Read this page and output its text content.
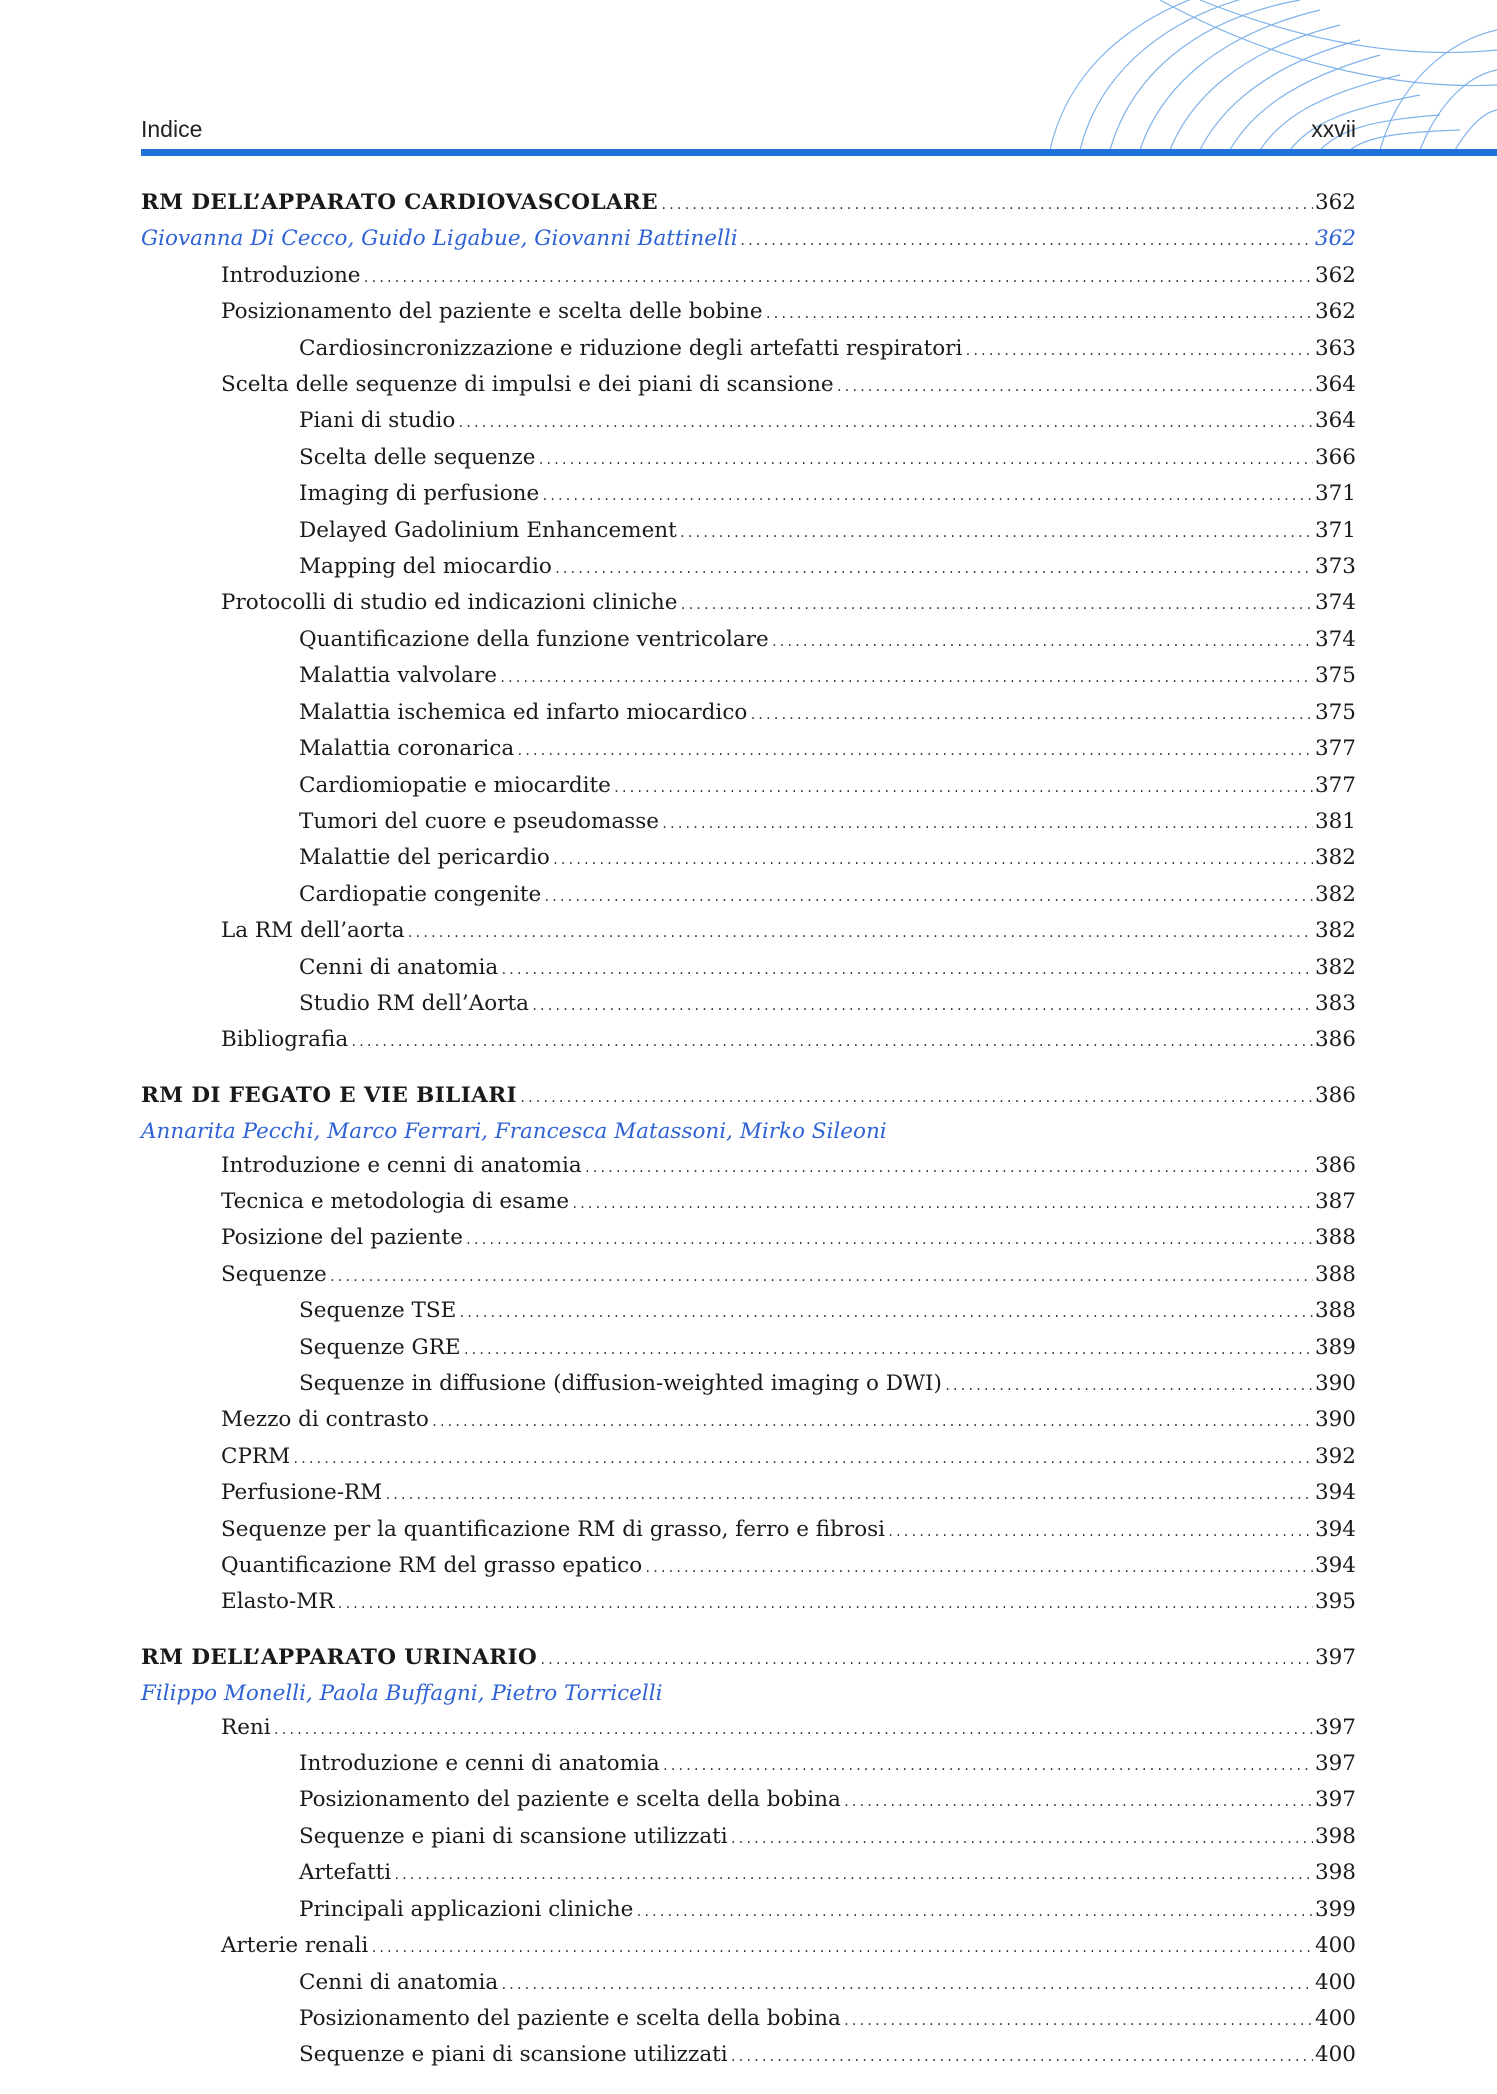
Indice	xxvii
RM DELL’APPARATO CARDIOVASCOLARE .....	362
Giovanna Di Cecco, Guido Ligabue, Giovanni Battinelli .....	362
Introduzione .....	362
Posizionamento del paziente e scelta delle bobine .....	362
Cardiosincronizzazione e riduzione degli artefatti respiratori .....	363
Scelta delle sequenze di impulsi e dei piani di scansione .....	364
Piani di studio .....	364
Scelta delle sequenze .....	366
Imaging di perfusione .....	371
Delayed Gadolinium Enhancement .....	371
Mapping del miocardio .....	373
Protocolli di studio ed indicazioni cliniche .....	374
Quantificazione della funzione ventricolare .....	374
Malattia valvolare .....	375
Malattia ischemica ed infarto miocardico .....	375
Malattia coronarica .....	377
Cardiomiopatie e miocardite .....	377
Tumori del cuore e pseudomasse .....	381
Malattie del pericardio .....	382
Cardiopatie congenite .....	382
La RM dell’aorta .....	382
Cenni di anatomia .....	382
Studio RM dell’Aorta .....	383
Bibliografia .....	386
RM DI FEGATO E VIE BILIARI .....	386
Annarita Pecchi, Marco Ferrari, Francesca Matassoni, Mirko Sileoni
Introduzione e cenni di anatomia .....	386
Tecnica e metodologia di esame .....	387
Posizione del paziente .....	388
Sequenze .....	388
Sequenze TSE .....	388
Sequenze GRE .....	389
Sequenze in diffusione (diffusion-weighted imaging o DWI) .....	390
Mezzo di contrasto .....	390
CPRM .....	392
Perfusione-RM .....	394
Sequenze per la quantificazione RM di grasso, ferro e fibrosi .....	394
Quantificazione RM del grasso epatico .....	394
Elasto-MR .....	395
RM DELL’APPARATO URINARIO .....	397
Filippo Monelli, Paola Buffagni, Pietro Torricelli
Reni .....	397
Introduzione e cenni di anatomia .....	397
Posizionamento del paziente e scelta della bobina .....	397
Sequenze e piani di scansione utilizzati .....	398
Artefatti .....	398
Principali applicazioni cliniche .....	399
Arterie renali .....	400
Cenni di anatomia .....	400
Posizionamento del paziente e scelta della bobina .....	400
Sequenze e piani di scansione utilizzati .....	400
